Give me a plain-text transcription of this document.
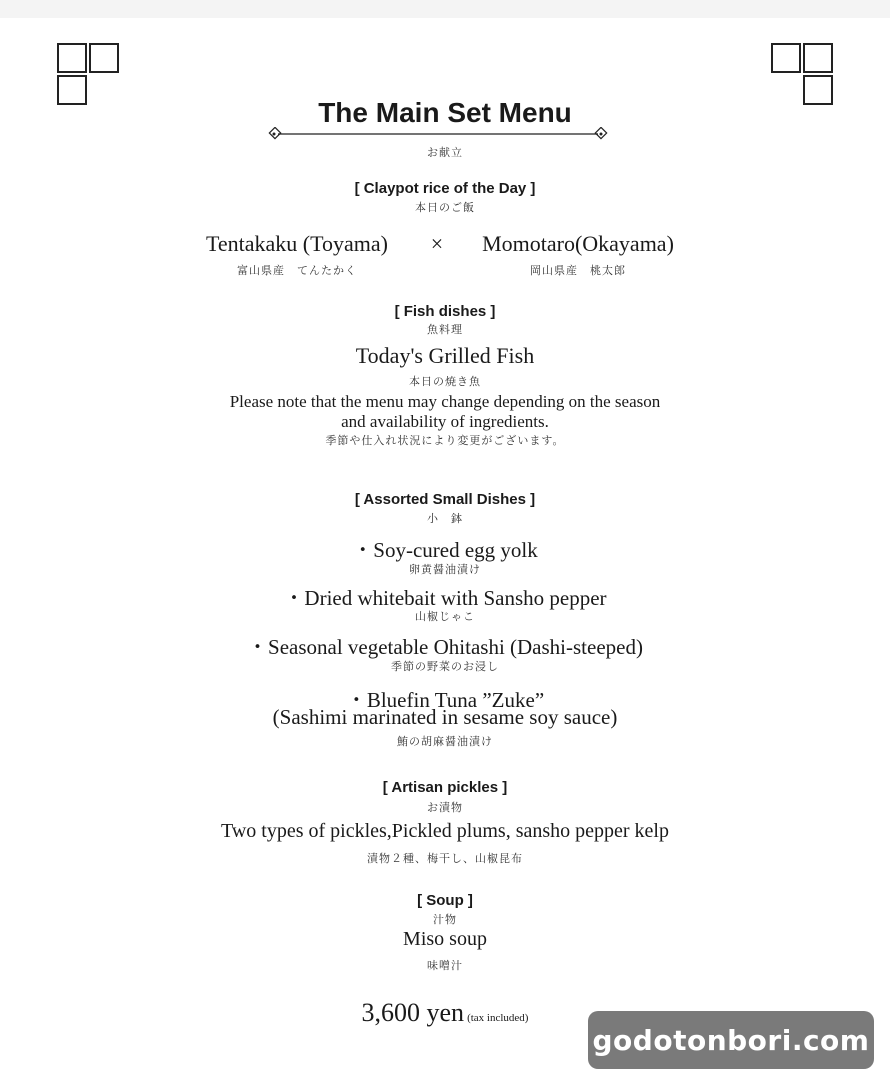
The Main Set Menu
お献立
[ Claypot rice of the Day ]
本日のご飯
Tentakaku (Toyama)	×	Momotaro(Okayama)
富山県産　てんたかく	岡山県産　桃太郎
[ Fish dishes ]
魚料理
Today's Grilled Fish
本日の焼き魚
Please note that the menu may change depending on the season
and availability of ingredients.
季節や仕入れ状況により変更がございます。
[ Assorted Small Dishes ]
小　鉢
・Soy-cured egg yolk
卵黄醤油漬け
・Dried whitebait with Sansho pepper
山椒じゃこ
・Seasonal vegetable Ohitashi (Dashi-steeped)
季節の野菜のお浸し
・Bluefin Tuna ”Zuke”
(Sashimi marinated in sesame soy sauce)
鮪の胡麻醤油漬け
[ Artisan pickles ]
お漬物
Two types of pickles,Pickled plums, sansho pepper kelp
漬物２種、梅干し、山椒昆布
[ Soup ]
汁物
Miso soup
味噌汁
3,600 yen (tax included)
godotonbori.com
